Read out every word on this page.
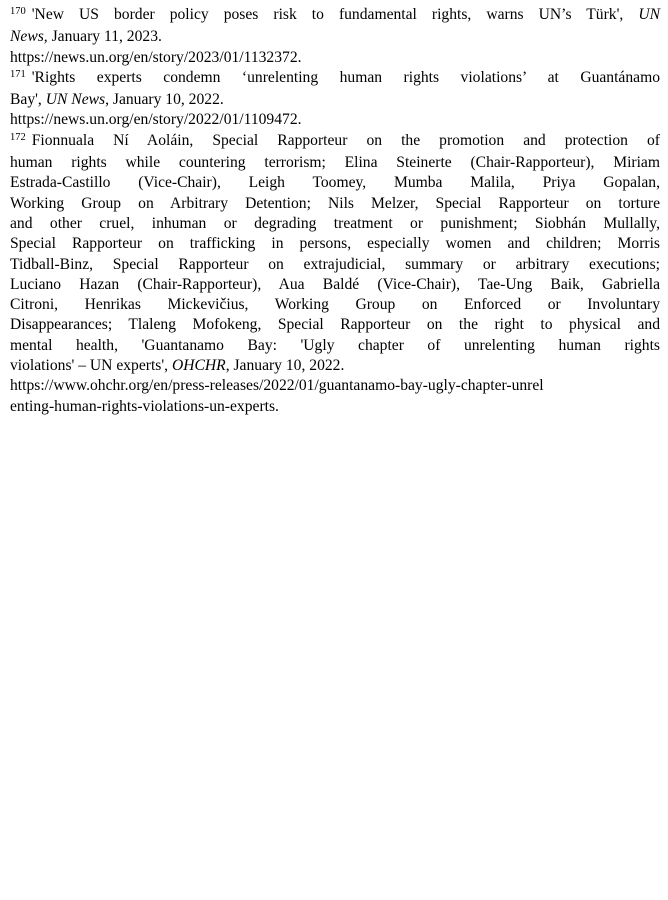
$^{170}$ 'New US border policy poses risk to fundamental rights, warns UN’s Türk', UN
News, January 11, 2023.
https://news.un.org/en/story/2023/01/1132372.
$^{171}$ 'Rights experts condemn ‘unrelenting human rights violations’ at Guantánamo
Bay', UN News, January 10, 2022.
https://news.un.org/en/story/2022/01/1109472.
$^{172}$ Fionnuala Ní Aoláin, Special Rapporteur on the promotion and protection of
human rights while countering terrorism; Elina Steinerte (Chair-Rapporteur), Miriam
Estrada-Castillo (Vice-Chair), Leigh Toomey, Mumba Malila, Priya Gopalan,
Working Group on Arbitrary Detention; Nils Melzer, Special Rapporteur on torture
and other cruel, inhuman or degrading treatment or punishment; Siobhán Mullally,
Special Rapporteur on trafficking in persons, especially women and children; Morris
Tidball-Binz, Special Rapporteur on extrajudicial, summary or arbitrary executions;
Luciano Hazan (Chair-Rapporteur), Aua Baldé (Vice-Chair), Tae-Ung Baik, Gabriella
Citroni, Henrikas Mickevičius, Working Group on Enforced or Involuntary
Disappearances; Tlaleng Mofokeng, Special Rapporteur on the right to physical and
mental health, 'Guantanamo Bay: 'Ugly chapter of unrelenting human rights
violations' – UN experts', OHCHR, January 10, 2022.
https://www.ohchr.org/en/press-releases/2022/01/guantanamo-bay-ugly-chapter-unrel
enting-human-rights-violations-un-experts.
